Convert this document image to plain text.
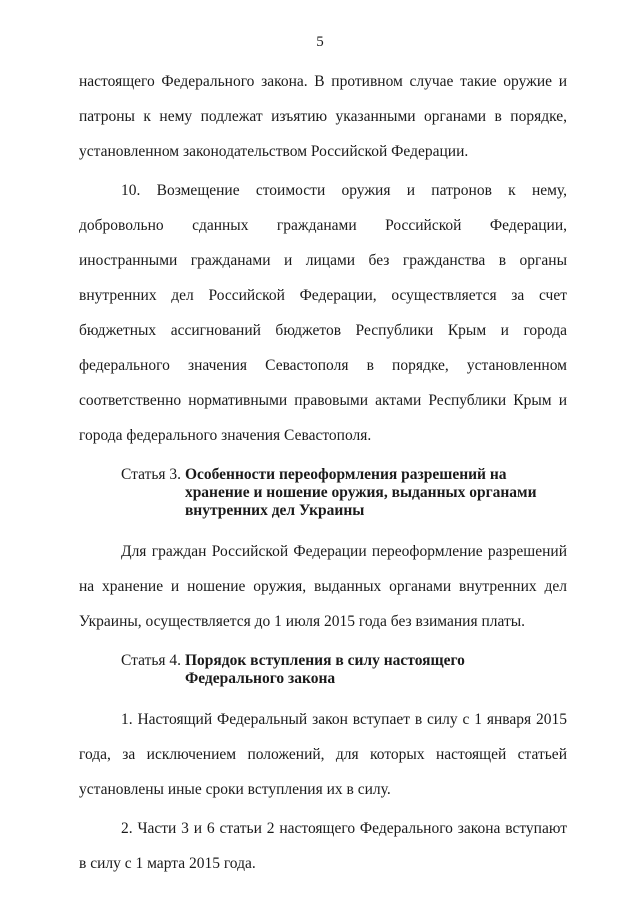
5

настоящего Федерального закона. В противном случае такие оружие и патроны к нему подлежат изъятию указанными органами в порядке, установленном законодательством Российской Федерации.

10. Возмещение стоимости оружия и патронов к нему, добровольно сданных гражданами Российской Федерации, иностранными гражданами и лицами без гражданства в органы внутренних дел Российской Федерации, осуществляется за счет бюджетных ассигнований бюджетов Республики Крым и города федерального значения Севастополя в порядке, установленном соответственно нормативными правовыми актами Республики Крым и города федерального значения Севастополя.

Статья 3. Особенности переоформления разрешений на хранение и ношение оружия, выданных органами внутренних дел Украины

Для граждан Российской Федерации переоформление разрешений на хранение и ношение оружия, выданных органами внутренних дел Украины, осуществляется до 1 июля 2015 года без взимания платы.

Статья 4. Порядок вступления в силу настоящего Федерального закона

1. Настоящий Федеральный закон вступает в силу с 1 января 2015 года, за исключением положений, для которых настоящей статьей установлены иные сроки вступления их в силу.

2. Части 3 и 6 статьи 2 настоящего Федерального закона вступают в силу с 1 марта 2015 года.
